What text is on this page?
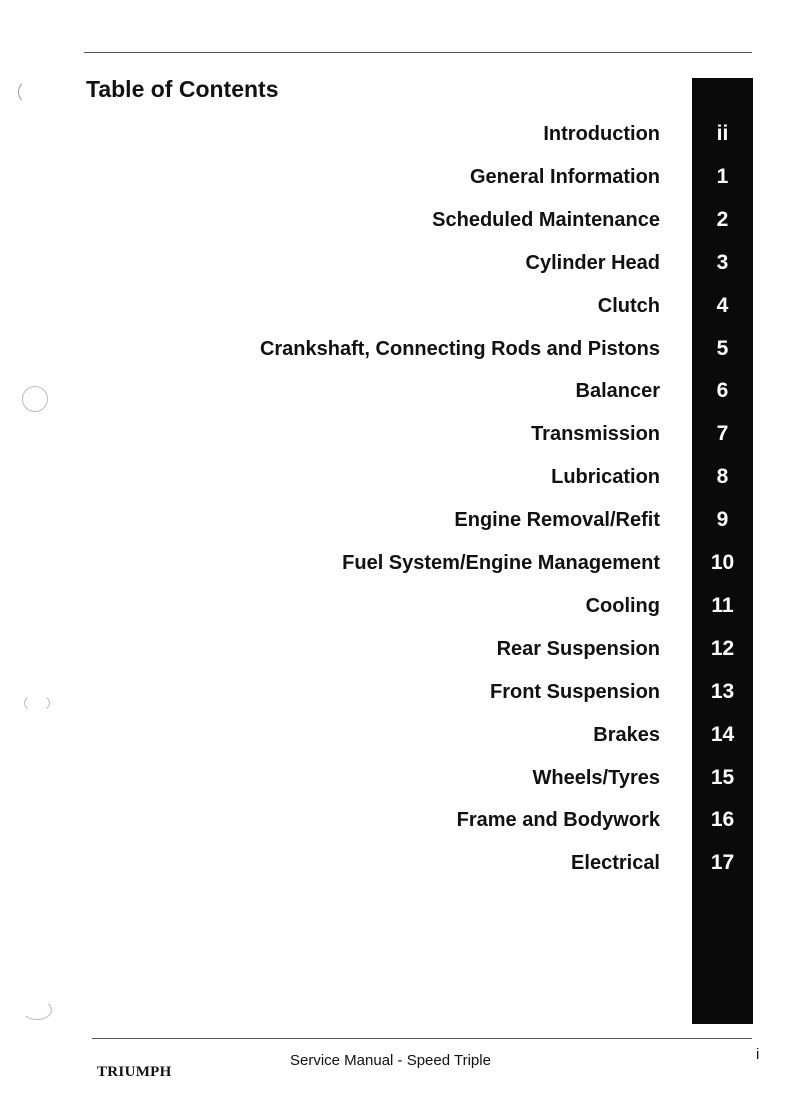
Table of Contents
Introduction	ii
General Information	1
Scheduled Maintenance	2
Cylinder Head	3
Clutch	4
Crankshaft, Connecting Rods and Pistons	5
Balancer	6
Transmission	7
Lubrication	8
Engine Removal/Refit	9
Fuel System/Engine Management	10
Cooling	11
Rear Suspension	12
Front Suspension	13
Brakes	14
Wheels/Tyres	15
Frame and Bodywork	16
Electrical	17
TRIUMPH
Service Manual - Speed Triple	i
